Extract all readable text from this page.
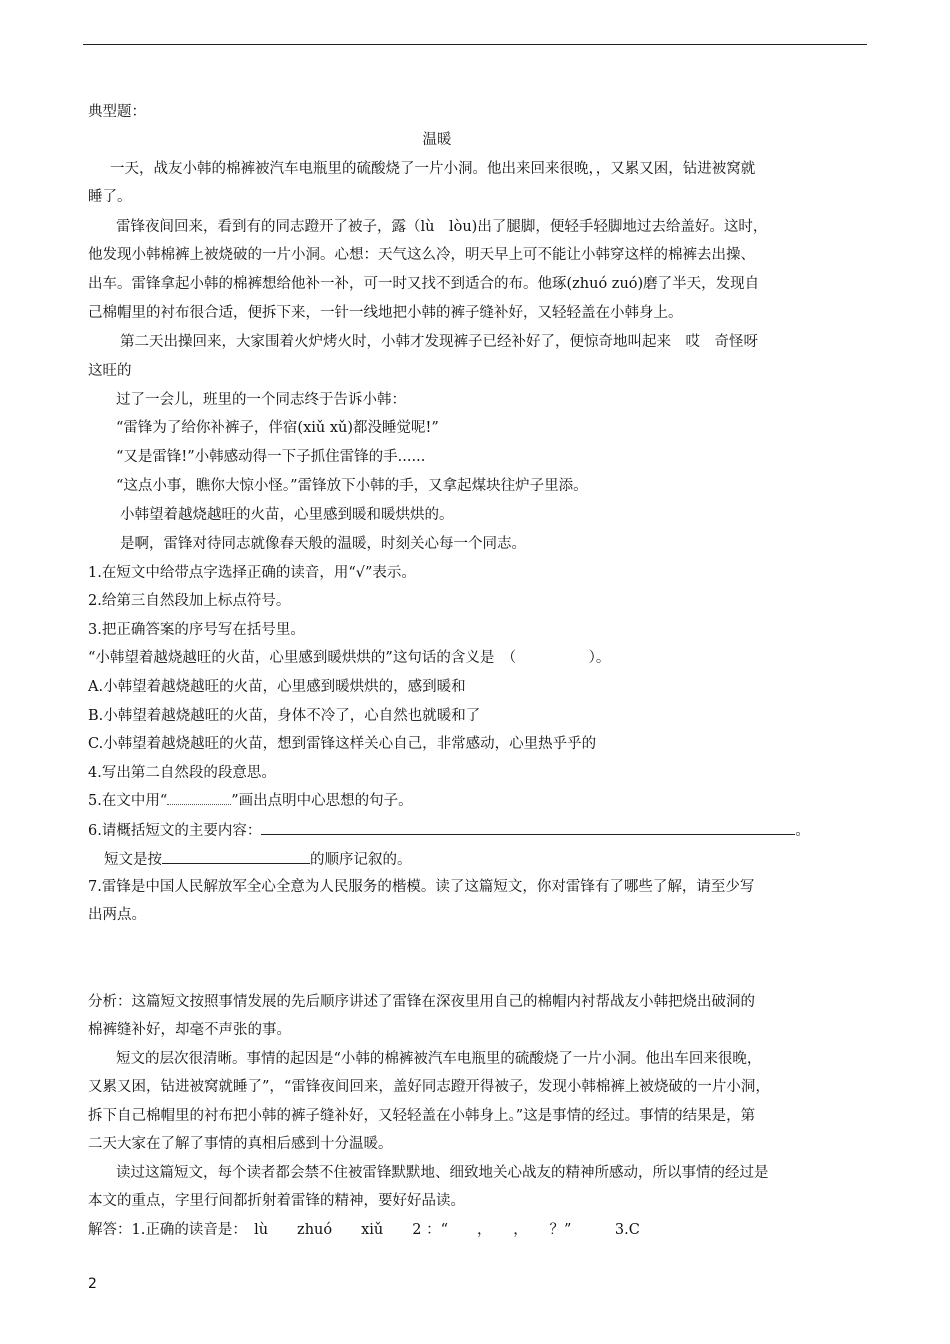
典型题：
温暖
一天，战友小韩的棉裤被汽车电瓶里的硫酸烧了一片小洞。他出来回来很晚，，又累又困，钻进被窝就
睡了。
雷锋夜间回来，看到有的同志蹬开了被子，露（lù　lòu)出了腿脚，便轻手轻脚地过去给盖好。这时，
他发现小韩棉裤上被烧破的一片小洞。心想：天气这么冷，明天早上可不能让小韩穿这样的棉裤去出操、
出车。雷锋拿起小韩的棉裤想给他补一补，可一时又找不到适合的布。他琢(zhuó zuó)磨了半天，发现自
己棉帽里的衬布很合适，便拆下来，一针一线地把小韩的裤子缝补好，又轻轻盖在小韩身上。
第二天出操回来，大家围着火炉烤火时，小韩才发现裤子已经补好了，便惊奇地叫起来　哎　奇怪呀
这旺的
过了一会儿，班里的一个同志终于告诉小韩：
“雷锋为了给你补裤子，伴宿(xiǔ xǔ)都没睡觉呢!”
“又是雷锋!”小韩感动得一下子抓住雷锋的手......
“这点小事，瞧你大惊小怪。”雷锋放下小韩的手，又拿起煤块往炉子里添。
小韩望着越烧越旺的火苗，心里感到暖和暖烘烘的。
是啊，雷锋对待同志就像春天般的温暖，时刻关心每一个同志。
1.在短文中给带点字选择正确的读音，用“√”表示。
2.给第三自然段加上标点符号。
3.把正确答案的序号写在括号里。
“小韩望着越烧越旺的火苗，心里感到暖烘烘的”这句话的含义是　（　　　　　）。
A.小韩望着越烧越旺的火苗，心里感到暖烘烘的，感到暖和
B.小韩望着越烧越旺的火苗，身体不冷了，心自然也就暖和了
C.小韩望着越烧越旺的火苗，想到雷锋这样关心自己，非常感动，心里热乎乎的
4.写出第二自然段的段意思。
5.在文中用“	”画出点明中心思想的句子。
6.请概括短文的主要内容：	。
短文是按	的顺序记叙的。
7.雷锋是中国人民解放军全心全意为人民服务的楷模。读了这篇短文，你对雷锋有了哪些了解，请至少写
出两点。
分析：这篇短文按照事情发展的先后顺序讲述了雷锋在深夜里用自己的棉帽内衬帮战友小韩把烧出破洞的
棉裤缝补好，却毫不声张的事。
短文的层次很清晰。事情的起因是“小韩的棉裤被汽车电瓶里的硫酸烧了一片小洞。他出车回来很晚，
又累又困，钻进被窝就睡了”，“雷锋夜间回来，盖好同志蹬开得被子，发现小韩棉裤上被烧破的一片小洞，
拆下自己棉帽里的衬布把小韩的裤子缝补好，又轻轻盖在小韩身上。”这是事情的经过。事情的结果是，第
二天大家在了解了事情的真相后感到十分温暖。
读过这篇短文，每个读者都会禁不住被雷锋默默地、细致地关心战友的精神所感动，所以事情的经过是
本文的重点，字里行间都折射着雷锋的精神，要好好品读。
解答：1.正确的读音是：　lù　　zhuó　　xiǔ　　2 ：“　　，　　，　　？”　　　3.C
2
